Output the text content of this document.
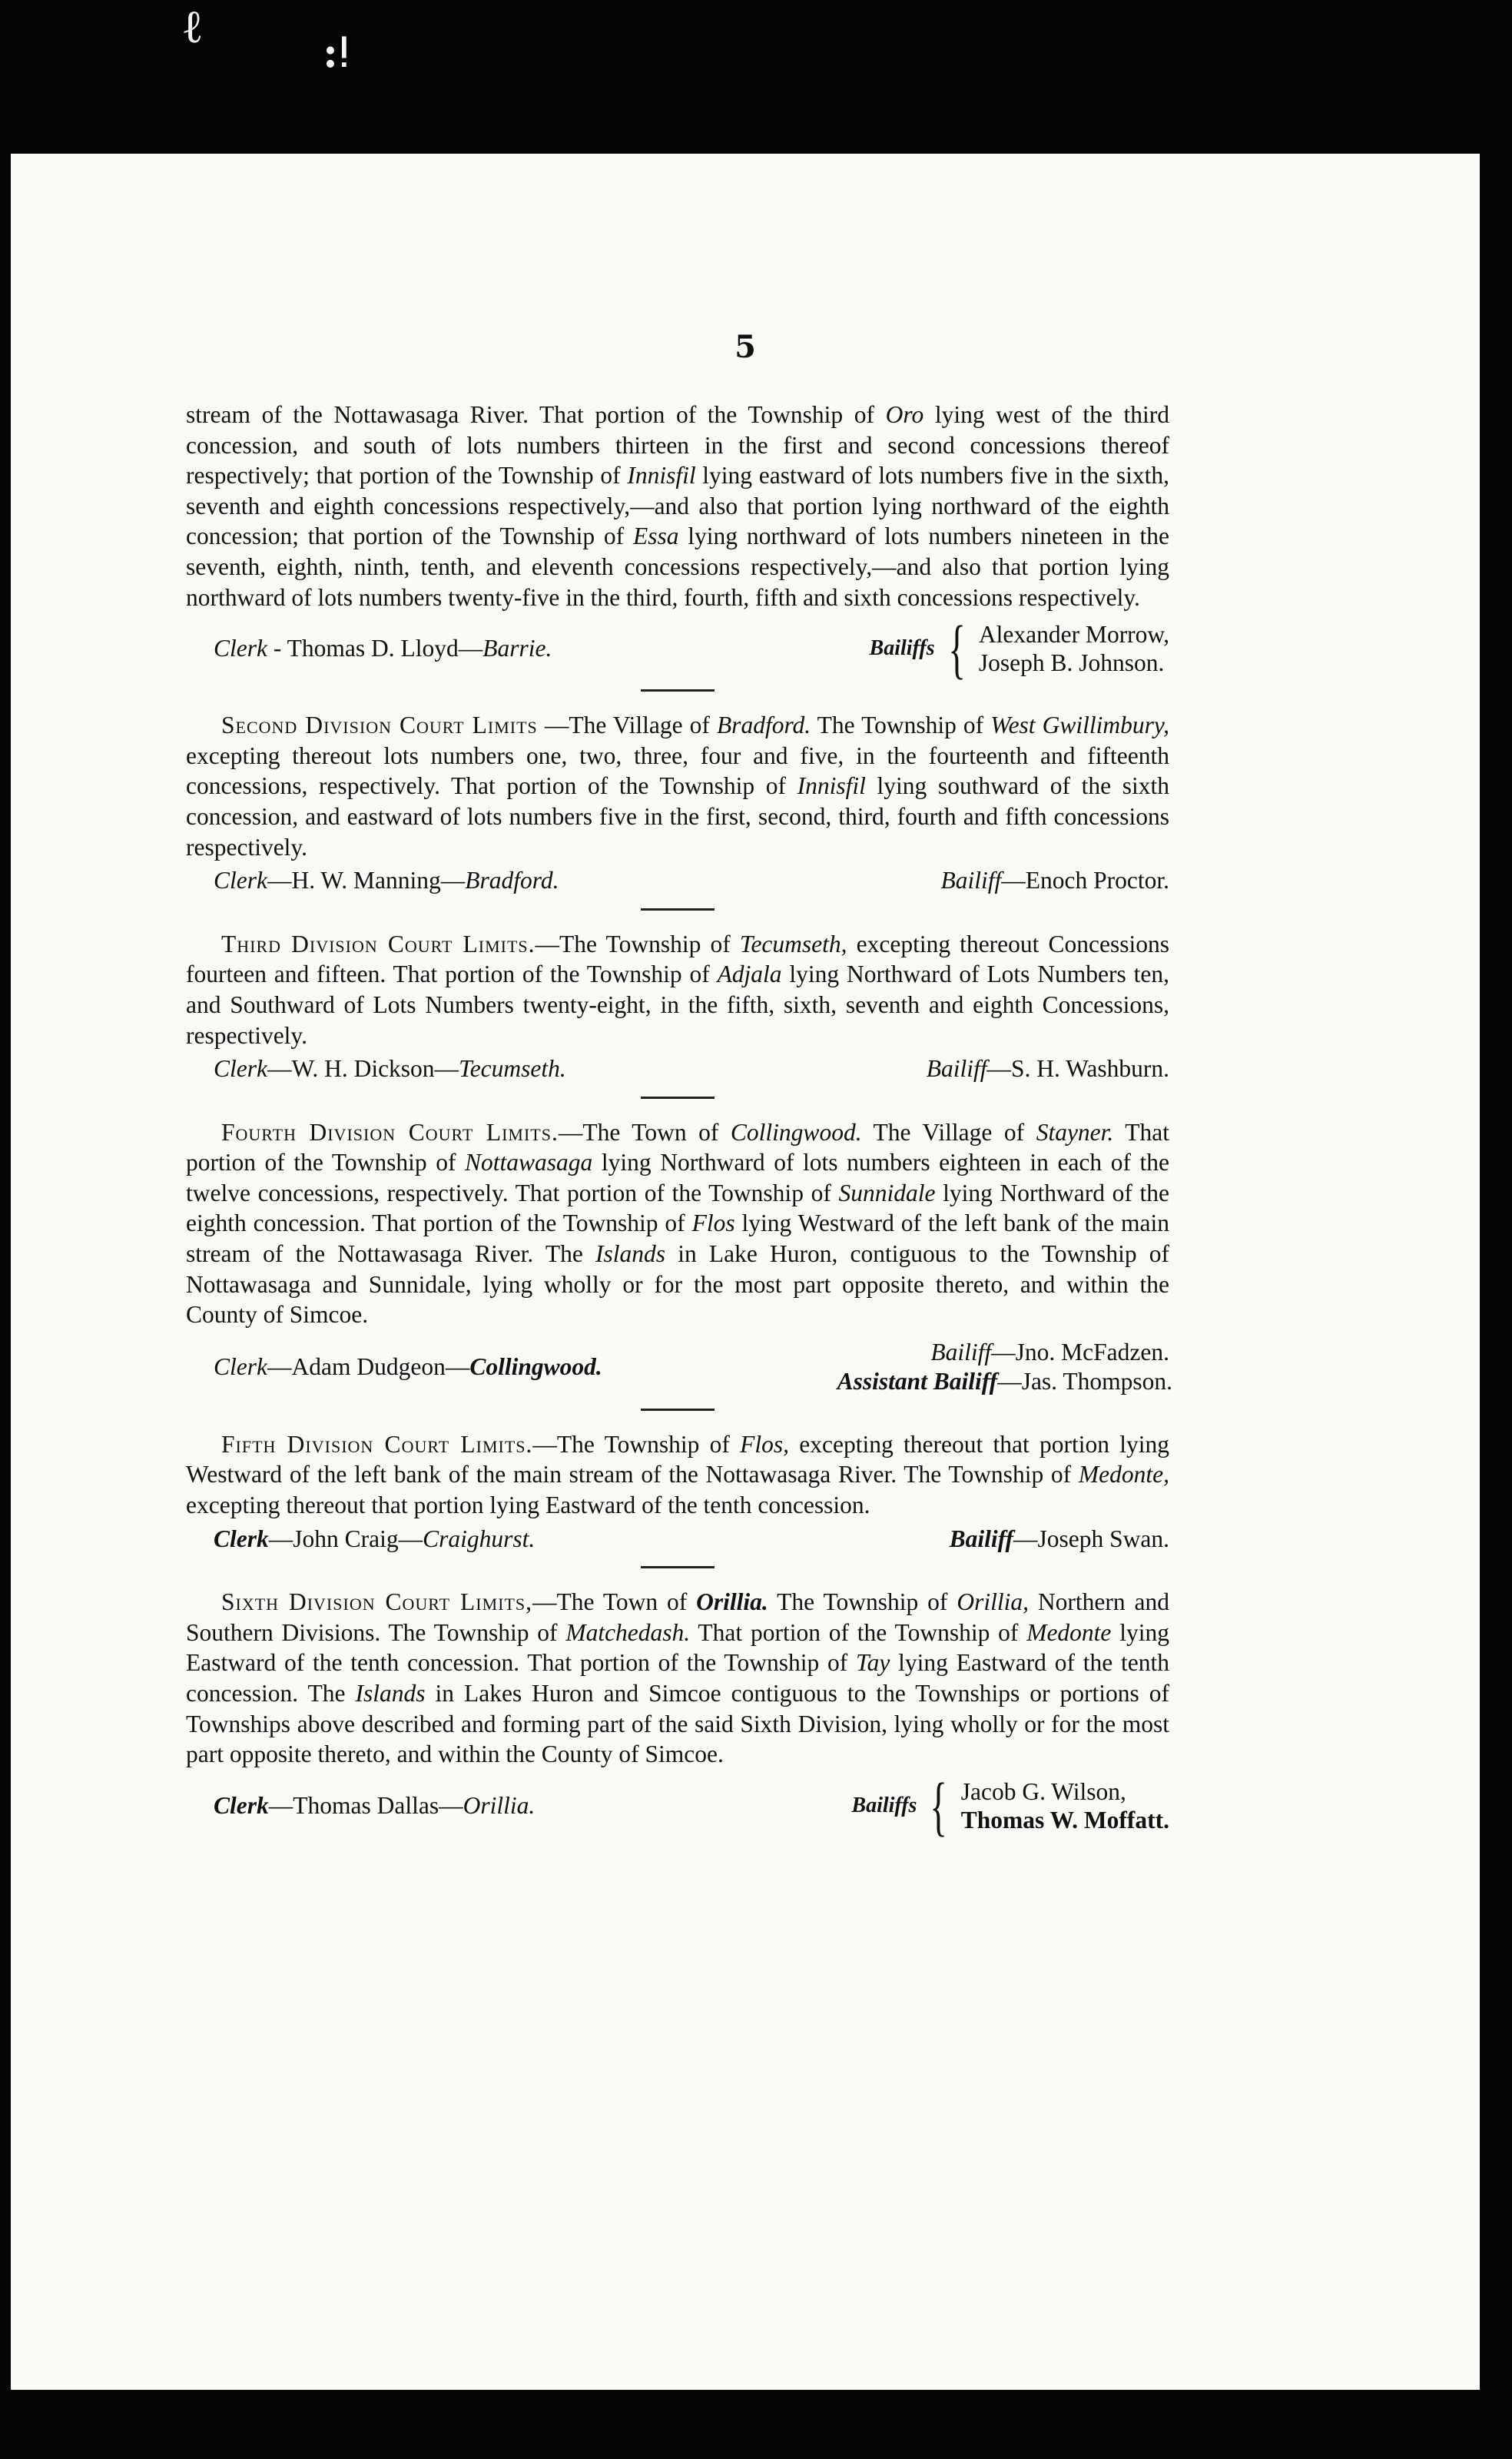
ℓ	:ǃ
5

stream of the Nottawasaga River. That portion of the Township of Oro lying west of the third concession, and south of lots numbers thirteen in the first and second concessions thereof respectively; that portion of the Township of Innisfil lying eastward of lots numbers five in the sixth, seventh and eighth concessions respectively,—and also that portion lying northward of the eighth concession; that portion of the Township of Essa lying northward of lots numbers nineteen in the seventh, eighth, ninth, tenth, and eleventh concessions respectively,—and also that portion lying northward of lots numbers twenty-five in the third, fourth, fifth and sixth concessions respectively.

Clerk - Thomas D. Lloyd—Barrie.	Bailiffs { Alexander Morrow,
Joseph B. Johnson.

Second Division Court Limits —The Village of Bradford. The Township of West Gwillimbury, excepting thereout lots numbers one, two, three, four and five, in the fourteenth and fifteenth concessions, respectively. That portion of the Township of Innisfil lying southward of the sixth concession, and eastward of lots numbers five in the first, second, third, fourth and fifth concessions respectively.

Clerk—H. W. Manning—Bradford.	Bailiff—Enoch Proctor.

Third Division Court Limits.—The Township of Tecumseth, excepting thereout Concessions fourteen and fifteen. That portion of the Township of Adjala lying Northward of Lots Numbers ten, and Southward of Lots Numbers twenty-eight, in the fifth, sixth, seventh and eighth Concessions, respectively.

Clerk—W. H. Dickson—Tecumseth.	Bailiff—S. H. Washburn.

Fourth Division Court Limits.—The Town of Collingwood. The Village of Stayner. That portion of the Township of Nottawasaga lying Northward of lots numbers eighteen in each of the twelve concessions, respectively. That portion of the Township of Sunnidale lying Northward of the eighth concession. That portion of the Township of Flos lying Westward of the left bank of the main stream of the Nottawasaga River. The Islands in Lake Huron, contiguous to the Township of Nottawasaga and Sunnidale, lying wholly or for the most part opposite thereto, and within the County of Simcoe.

Clerk—Adam Dudgeon—Collingwood.
Bailiff—Jno. McFadzen.
Assistant Bailiff—Jas. Thompson.

Fifth Division Court Limits.—The Township of Flos, excepting thereout that portion lying Westward of the left bank of the main stream of the Nottawasaga River. The Township of Medonte, excepting thereout that portion lying Eastward of the tenth concession.

Clerk—John Craig—Craighurst.	Bailiff—Joseph Swan.

Sixth Division Court Limits,—The Town of Orillia. The Township of Orillia, Northern and Southern Divisions. The Township of Matchedash. That portion of the Township of Medonte lying Eastward of the tenth concession. That portion of the Township of Tay lying Eastward of the tenth concession. The Islands in Lakes Huron and Simcoe contiguous to the Townships or portions of Townships above described and forming part of the said Sixth Division, lying wholly or for the most part opposite thereto, and within the County of Simcoe.

Clerk—Thomas Dallas—Orillia.	Bailiffs { Jacob G. Wilson,
Thomas W. Moffatt.
